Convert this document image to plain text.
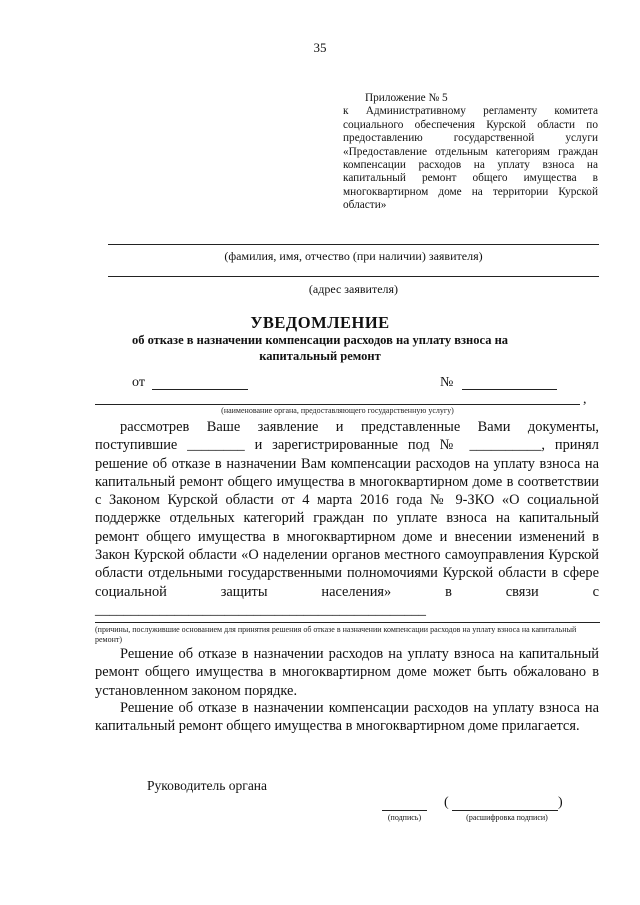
35
Приложение № 5
к Административному регламенту комитета социального обеспечения Курской области по предоставлению государственной услуги «Предоставление отдельным категориям граждан компенсации расходов на уплату взноса на капитальный ремонт общего имущества в многоквартирном доме на территории Курской области»
(фамилия, имя, отчество (при наличии) заявителя)
(адрес заявителя)
УВЕДОМЛЕНИЕ
об отказе в назначении компенсации расходов на уплату взноса на
капитальный ремонт
от	№
,
(наименование органа, предоставляющего государственную услугу)

рассмотрев Ваше заявление и представленные Вами документы, поступившие ________ и зарегистрированные под № __________, принял решение об отказе в назначении Вам компенсации расходов на уплату взноса на капитальный ремонт общего имущества в многоквартирном доме в соответствии с Законом Курской области от 4 марта 2016 года № 9-ЗКО «О социальной поддержке отдельных категорий граждан по уплате взноса на капитальный ремонт общего имущества в многоквартирном доме и внесении изменений в Закон Курской области «О наделении органов местного самоуправления Курской области отдельными государственными полномочиями Курской области в сфере социальной защиты населения» в связи с ______________________________________________

(причины, послужившие основанием для принятия решения об отказе в назначении компенсации расходов на уплату взноса на капитальный ремонт)

Решение об отказе в назначении расходов на уплату взноса на капитальный ремонт общего имущества в многоквартирном доме может быть обжаловано в установленном законом порядке.

Решение об отказе в назначении компенсации расходов на уплату взноса на капитальный ремонт общего имущества в многоквартирном доме прилагается.

Руководитель органа
(подпись)
(	)
(расшифровка подписи)
